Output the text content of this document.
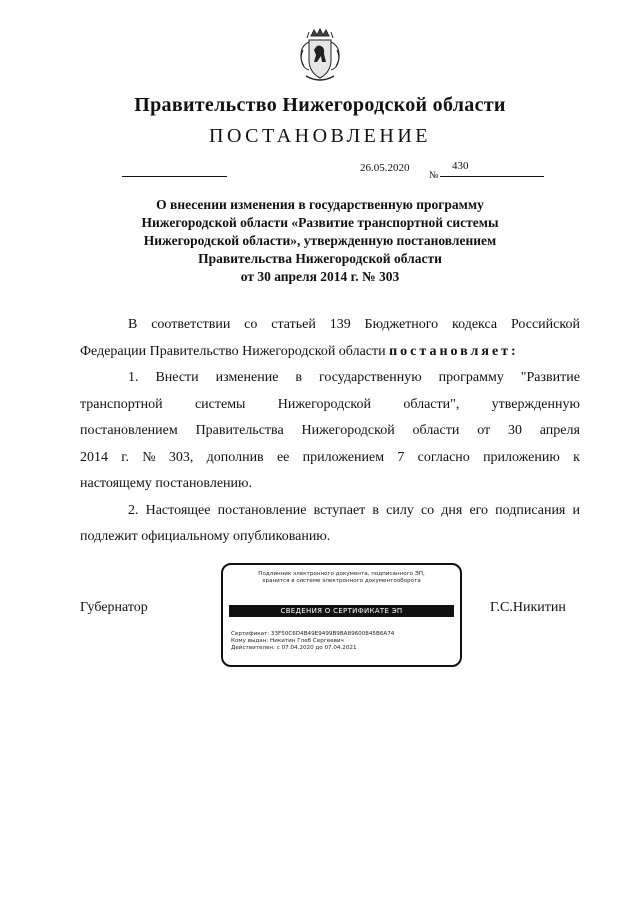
Правительство Нижегородской области
ПОСТАНОВЛЕНИЕ
26.05.2020
№
430
О внесении изменения в государственную программу
Нижегородской области «Развитие транспортной системы
Нижегородской области», утвержденную постановлением
Правительства Нижегородской области
от 30 апреля 2014 г. № 303
В соответствии со статьей 139 Бюджетного кодекса Российской
Федерации Правительство Нижегородской области
постановляет:
1. Внести изменение в государственную программу "Развитие
транспортной системы Нижегородской области", утвержденную
постановлением Правительства Нижегородской области от 30 апреля
2014 г. № 303, дополнив ее приложением 7 согласно приложению к
настоящему постановлению.
2. Настоящее постановление вступает в силу со дня его подписания и
подлежит официальному опубликованию.
Губернатор	Г.С.Никитин
Подлинник электронного документа, подписанного ЭП,
хранится в системе электронного документооборота
СВЕДЕНИЯ О СЕРТИФИКАТЕ ЭП
Сертификат: 33F50C6D4B49E9499B9BA89600845B6A74
Кому выдан: Никитин Глеб Сергеевич
Действителен: с 07.04.2020 до 07.04.2021
